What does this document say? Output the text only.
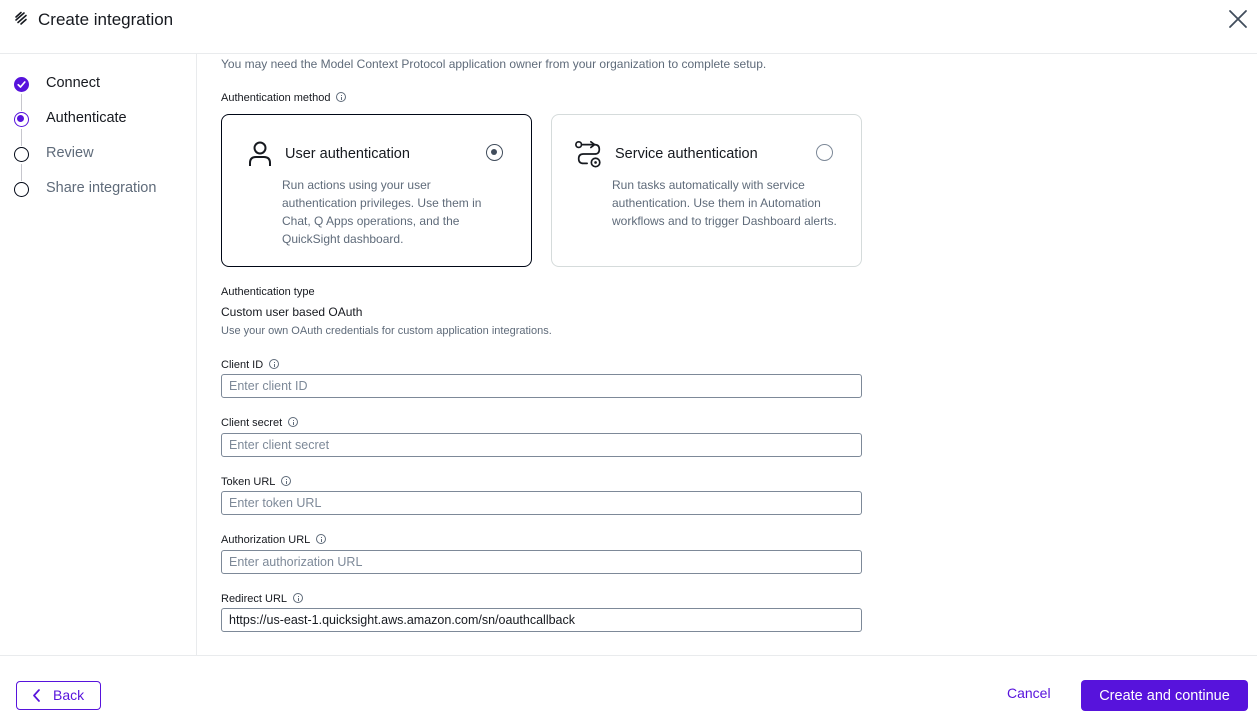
Create integration
Connect
Authenticate
Review
Share integration
You may need the Model Context Protocol application owner from your organization to complete setup.
Authentication method
User authentication
Run actions using your user authentication privileges. Use them in Chat, Q Apps operations, and the QuickSight dashboard.
Service authentication
Run tasks automatically with service authentication. Use them in Automation workflows and to trigger Dashboard alerts.
Authentication type
Custom user based OAuth
Use your own OAuth credentials for custom application integrations.
Client ID
Enter client ID
Client secret
Enter client secret
Token URL
Enter token URL
Authorization URL
Enter authorization URL
Redirect URL
https://us-east-1.quicksight.aws.amazon.com/sn/oauthcallback
Back	Cancel	Create and continue
